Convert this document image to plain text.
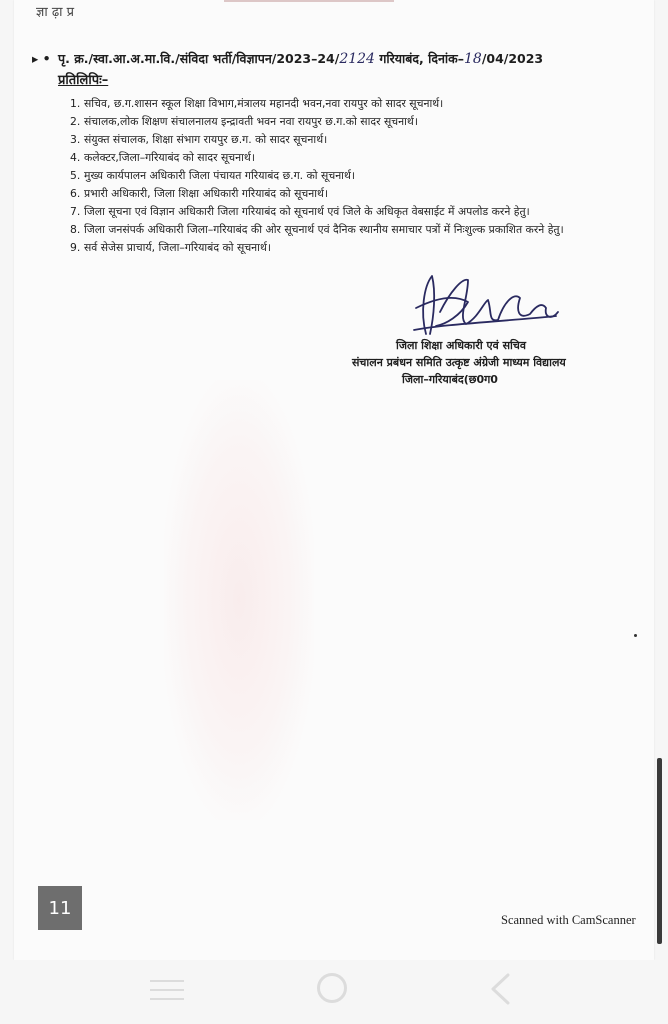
ज्ञा ढ़ा प्र
▸ • पृ. क्र./स्वा.आ.अ.मा.वि./संविदा भर्ती/विज्ञापन/2023–24/2124 गरियाबंद, दिनांक–18/04/2023
प्रतिलिपिः–
1. सचिव, छ.ग.शासन स्कूल शिक्षा विभाग,मंत्रालय महानदी भवन,नवा रायपुर को सादर सूचनार्थ।
2. संचालक,लोक शिक्षण संचालनालय इन्द्रावती भवन नवा रायपुर छ.ग.को सादर सूचनार्थ।
3. संयुक्त संचालक, शिक्षा संभाग रायपुर छ.ग. को सादर सूचनार्थ।
4. कलेक्टर,जिला–गरियाबंद को सादर सूचनार्थ।
5. मुख्य कार्यपालन अधिकारी जिला पंचायत गरियाबंद छ.ग. को सूचनार्थ।
6. प्रभारी अधिकारी, जिला शिक्षा अधिकारी गरियाबंद को सूचनार्थ।
7. जिला सूचना एवं विज्ञान अधिकारी जिला गरियाबंद को सूचनार्थ एवं जिले के अधिकृत वेबसाईट में अपलोड करने हेतु।
8. जिला जनसंपर्क अधिकारी जिला–गरियाबंद की ओर सूचनार्थ एवं दैनिक स्थानीय समाचार पत्रों में निःशुल्क प्रकाशित करने हेतु।
9. सर्व सेजेस प्राचार्य, जिला–गरियाबंद को सूचनार्थ।
जिला शिक्षा अधिकारी एवं सचिव
संचालन प्रबंधन समिति उत्कृष्ट अंग्रेजी माध्यम विद्यालय
जिला–गरियाबंद(छ0ग0
Scanned with CamScanner
11
